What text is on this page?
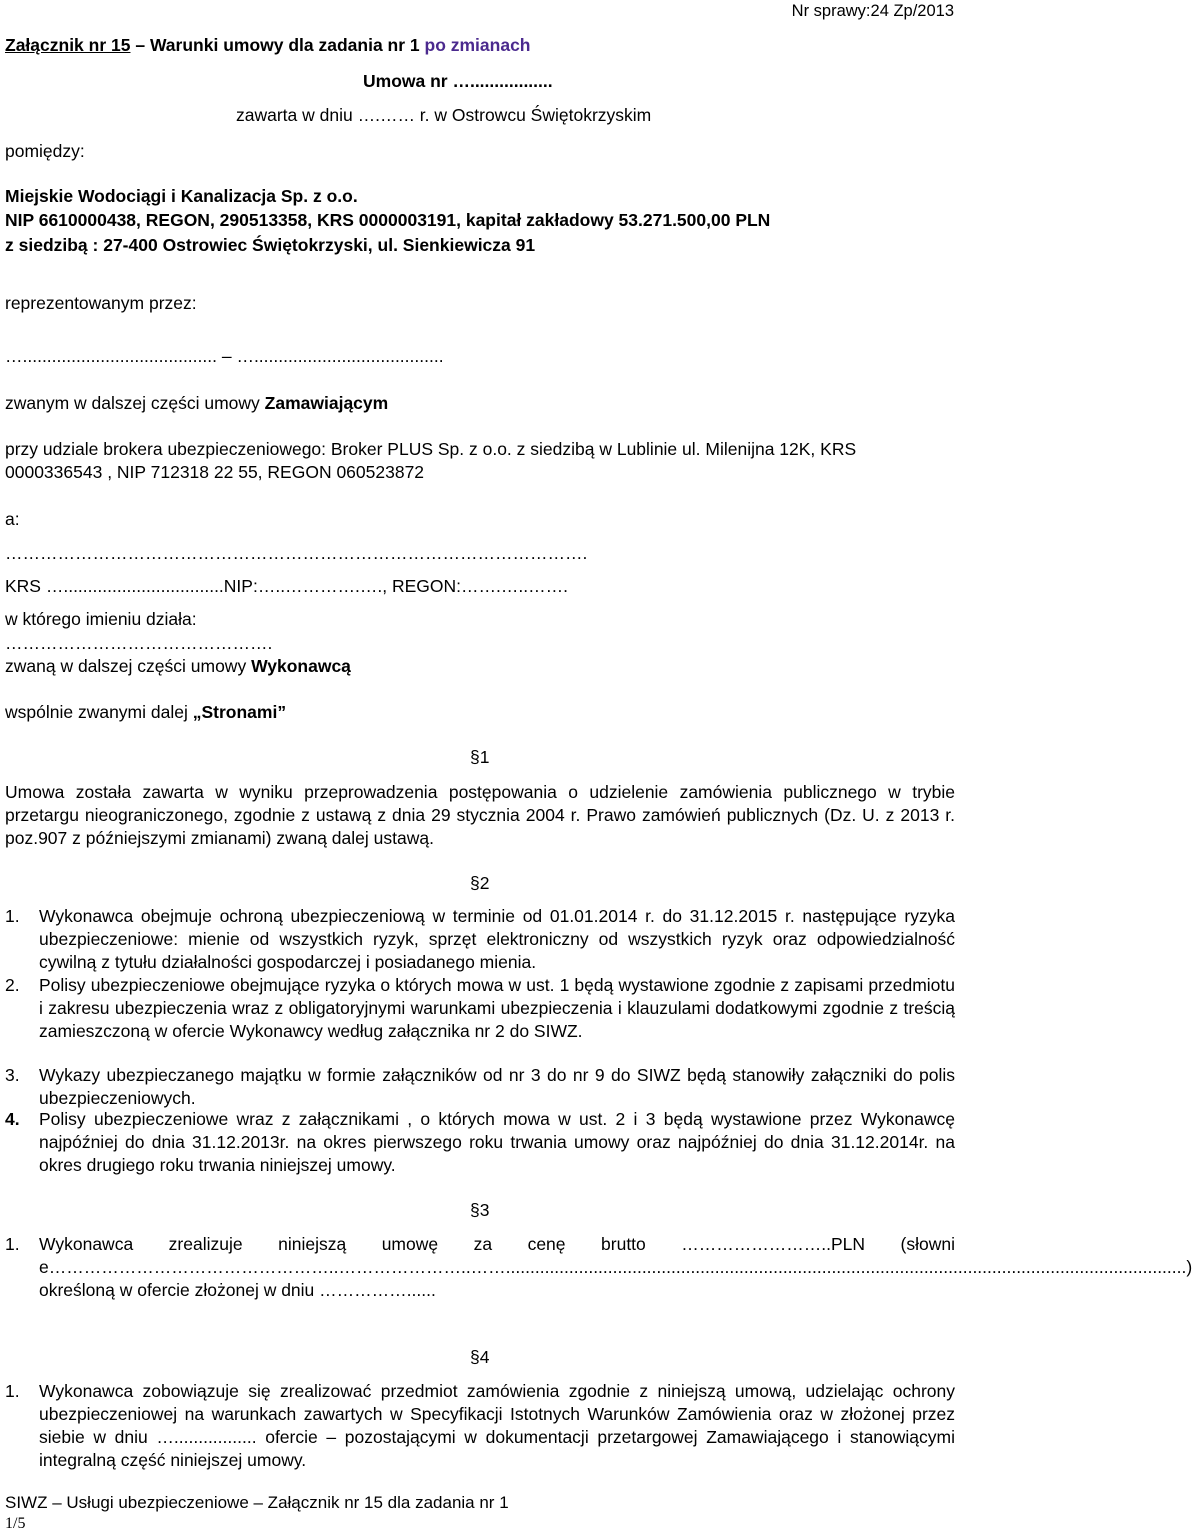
Nr sprawy:24 Zp/2013
Załącznik nr 15 – Warunki umowy dla zadania nr 1 po zmianach
Umowa nr ….................
zawarta w dniu ….…… r. w Ostrowcu Świętokrzyskim
pomiędzy:
Miejskie Wodociągi i Kanalizacja Sp. z o.o.
NIP 6610000438, REGON, 290513358, KRS 0000003191, kapitał zakładowy 53.271.500,00 PLN
z siedzibą : 27-400 Ostrowiec Świętokrzyski, ul. Sienkiewicza 91
reprezentowanym przez:
…........................................ – ….......................................
zwanym w dalszej części umowy Zamawiającym
przy udziale brokera ubezpieczeniowego: Broker PLUS Sp. z o.o. z siedzibą w Lublinie ul. Milenijna 12K, KRS
0000336543 , NIP 712318 22 55, REGON 060523872
a:
……………………………………………………………………………………….
KRS ….................................NIP:…..………….…., REGON:…….…..…….
w którego imieniu działa:
……………………………………….
zwaną w dalszej części umowy Wykonawcą
wspólnie zwanymi dalej „Stronami”
§1
Umowa została zawarta w wyniku przeprowadzenia postępowania o udzielenie zamówienia publicznego w trybie przetargu nieograniczonego, zgodnie z ustawą z dnia 29 stycznia 2004 r. Prawo zamówień publicznych (Dz. U. z 2013 r. poz.907 z późniejszymi zmianami) zwaną dalej ustawą.
§2
1. Wykonawca obejmuje ochroną ubezpieczeniową w terminie od 01.01.2014 r. do 31.12.2015 r. następujące ryzyka ubezpieczeniowe: mienie od wszystkich ryzyk, sprzęt elektroniczny od wszystkich ryzyk oraz odpowiedzialność cywilną z tytułu działalności gospodarczej i posiadanego mienia.
2. Polisy ubezpieczeniowe obejmujące ryzyka o których mowa w ust. 1 będą wystawione zgodnie z zapisami przedmiotu i zakresu ubezpieczenia wraz z obligatoryjnymi warunkami ubezpieczenia i klauzulami dodatkowymi zgodnie z treścią zamieszczoną w ofercie Wykonawcy według załącznika nr 2 do SIWZ.
3. Wykazy ubezpieczanego majątku w formie załączników od nr 3 do nr 9 do SIWZ będą stanowiły załączniki do polis ubezpieczeniowych.
4. Polisy ubezpieczeniowe wraz z załącznikami , o których mowa w ust. 2 i 3 będą wystawione przez Wykonawcę najpóźniej do dnia 31.12.2013r. na okres pierwszego roku trwania umowy oraz najpóźniej do dnia 31.12.2014r. na okres drugiego roku trwania niniejszej umowy.
§3
1. Wykonawca zrealizuje niniejszą umowę za cenę brutto ……………………..PLN (słownie…………………………………………..…………………..……............................................................................................................................................) określoną w ofercie złożonej w dniu ……………......
§4
1. Wykonawca zobowiązuje się zrealizować przedmiot zamówienia zgodnie z niniejszą umową, udzielając ochrony ubezpieczeniowej na warunkach zawartych w Specyfikacji Istotnych Warunków Zamówienia oraz w złożonej przez siebie w dniu …................. ofercie – pozostającymi w dokumentacji przetargowej Zamawiającego i stanowiącymi integralną część niniejszej umowy.
SIWZ – Usługi ubezpieczeniowe – Załącznik nr 15 dla zadania nr 1
1/5
